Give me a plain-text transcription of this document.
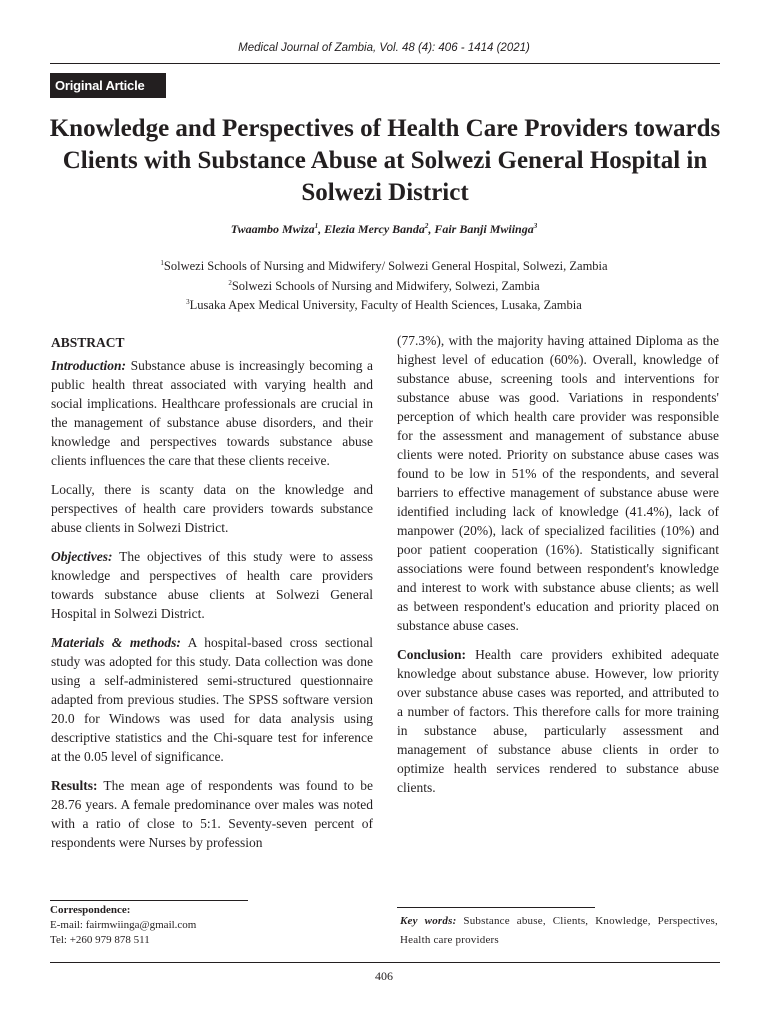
Medical Journal of Zambia, Vol. 48 (4): 406 - 1414 (2021)
Original Article
Knowledge and Perspectives of Health Care Providers towards Clients with Substance Abuse at Solwezi General Hospital in Solwezi District
Twaambo Mwiza$^1$, Elezia Mercy Banda$^2$, Fair Banji Mwiinga$^3$
$^1$Solwezi Schools of Nursing and Midwifery/ Solwezi General Hospital, Solwezi, Zambia
$^2$Solwezi Schools of Nursing and Midwifery, Solwezi, Zambia
$^3$Lusaka Apex Medical University, Faculty of Health Sciences, Lusaka, Zambia
ABSTRACT

Introduction: Substance abuse is increasingly becoming a public health threat associated with varying health and social implications. Healthcare professionals are crucial in the management of substance abuse disorders, and their knowledge and perspectives towards substance abuse clients influences the care that these clients receive.

Locally, there is scanty data on the knowledge and perspectives of health care providers towards substance abuse clients in Solwezi District.

Objectives: The objectives of this study were to assess knowledge and perspectives of health care providers towards substance abuse clients at Solwezi General Hospital in Solwezi District.

Materials & methods: A hospital-based cross sectional study was adopted for this study. Data collection was done using a self-administered semi-structured questionnaire adapted from previous studies. The SPSS software version 20.0 for Windows was used for data analysis using descriptive statistics and the Chi-square test for inference at the 0.05 level of significance.

Results: The mean age of respondents was found to be 28.76 years. A female predominance over males was noted with a ratio of close to 5:1. Seventy-seven percent of respondents were Nurses by profession

(77.3%), with the majority having attained Diploma as the highest level of education (60%). Overall, knowledge of substance abuse, screening tools and interventions for substance abuse was good. Variations in respondents' perception of which health care provider was responsible for the assessment and management of substance abuse clients were noted. Priority on substance abuse cases was found to be low in 51% of the respondents, and several barriers to effective management of substance abuse were identified including lack of knowledge (41.4%), lack of manpower (20%), lack of specialized facilities (10%) and poor patient cooperation (16%). Statistically significant associations were found between respondent's knowledge and interest to work with substance abuse clients; as well as between respondent's education and priority placed on substance abuse cases.

Conclusion: Health care providers exhibited adequate knowledge about substance abuse. However, low priority over substance abuse cases was reported, and attributed to a number of factors. This therefore calls for more training in substance abuse, particularly assessment and management of substance abuse clients in order to optimize health services rendered to substance abuse clients.

Correspondence:
E-mail: fairmwiinga@gmail.com
Tel: +260 979 878 511
Key words: Substance abuse, Clients, Knowledge, Perspectives, Health care providers
406
